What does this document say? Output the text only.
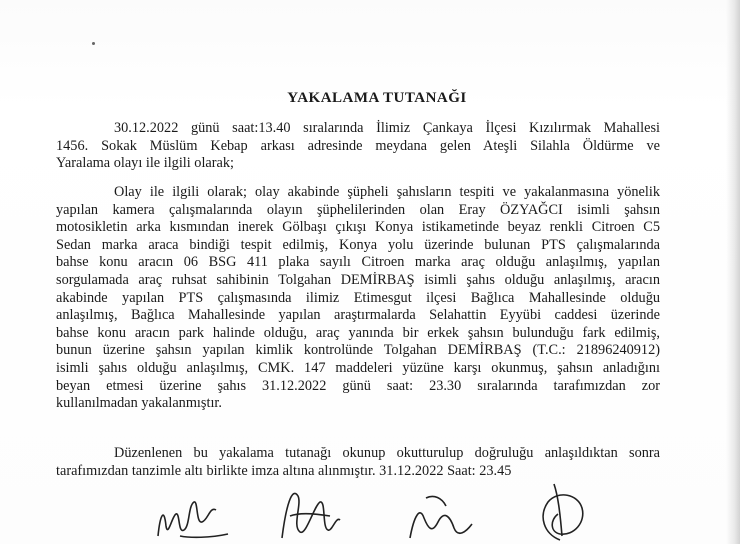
YAKALAMA TUTANAĞI
30.12.2022 günü saat:13.40 sıralarında İlimiz Çankaya İlçesi Kızılırmak Mahallesi
1456. Sokak Müslüm Kebap arkası adresinde meydana gelen Ateşli Silahla Öldürme ve
Yaralama olayı ile ilgili olarak;
Olay ile ilgili olarak; olay akabinde şüpheli şahısların tespiti ve yakalanmasına yönelik
yapılan kamera çalışmalarında olayın şüphelilerinden olan Eray ÖZYAĞCI isimli şahsın
motosikletin arka kısmından inerek Gölbaşı çıkışı Konya istikametinde beyaz renkli Citroen C5
Sedan marka araca bindiği tespit edilmiş, Konya yolu üzerinde bulunan PTS çalışmalarında
bahse konu aracın 06 BSG 411 plaka sayılı Citroen marka araç olduğu anlaşılmış, yapılan
sorgulamada araç ruhsat sahibinin Tolgahan DEMİRBAŞ isimli şahıs olduğu anlaşılmış, aracın
akabinde yapılan PTS çalışmasında ilimiz Etimesgut ilçesi Bağlıca Mahallesinde olduğu
anlaşılmış, Bağlıca Mahallesinde yapılan araştırmalarda Selahattin Eyyübi caddesi üzerinde
bahse konu aracın park halinde olduğu, araç yanında bir erkek şahsın bulunduğu fark edilmiş,
bunun üzerine şahsın yapılan kimlik kontrolünde Tolgahan DEMİRBAŞ (T.C.: 21896240912)
isimli şahıs olduğu anlaşılmış, CMK. 147 maddeleri yüzüne karşı okunmuş, şahsın anladığını
beyan etmesi üzerine şahıs 31.12.2022 günü saat: 23.30 sıralarında tarafımızdan zor
kullanılmadan yakalanmıştır.
Düzenlenen bu yakalama tutanağı okunup okutturulup doğruluğu anlaşıldıktan sonra
tarafımızdan tanzimle altı birlikte imza altına alınmıştır. 31.12.2022 Saat: 23.45
